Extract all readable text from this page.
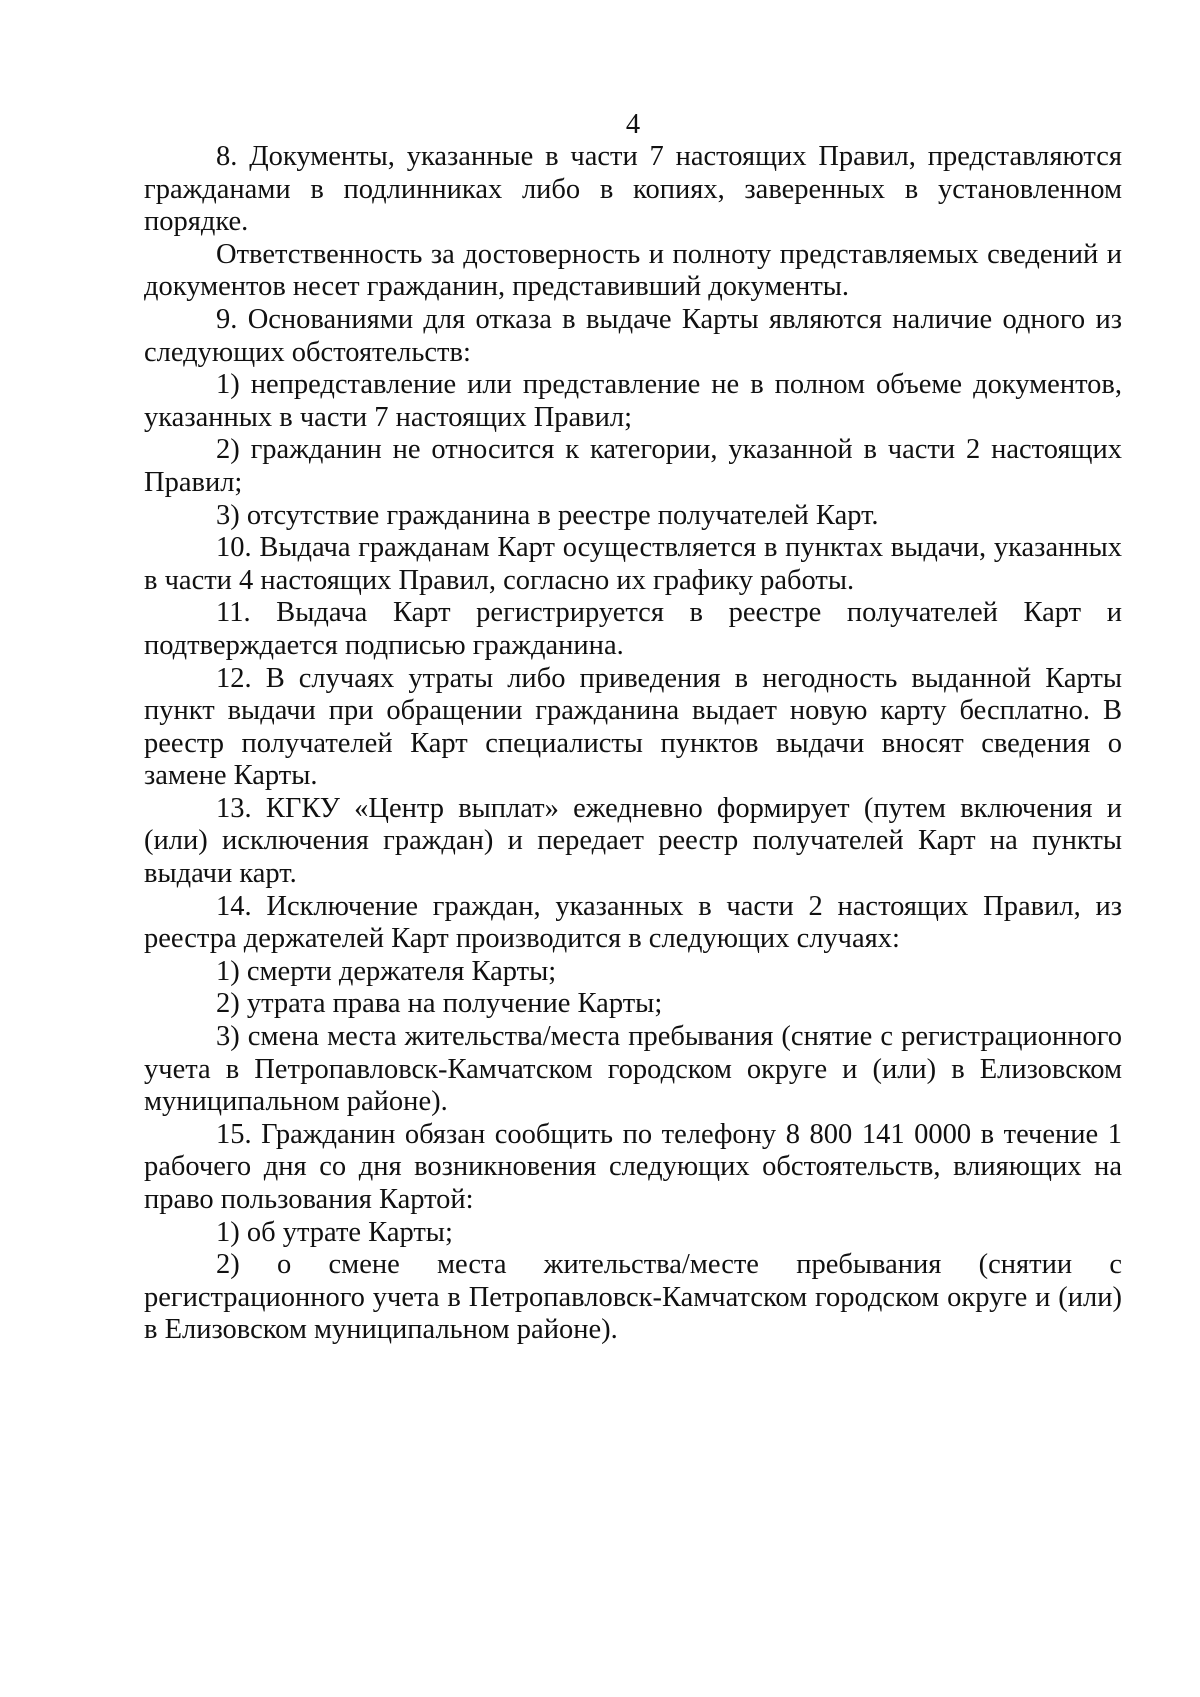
4

8. Документы, указанные в части 7 настоящих Правил, представляются гражданами в подлинниках либо в копиях, заверенных в установленном порядке.

Ответственность за достоверность и полноту представляемых сведений и документов несет гражданин, представивший документы.

9. Основаниями для отказа в выдаче Карты являются наличие одного из следующих обстоятельств:

1) непредставление или представление не в полном объеме документов, указанных в части 7 настоящих Правил;

2) гражданин не относится к категории, указанной в части 2 настоящих Правил;

3) отсутствие гражданина в реестре получателей Карт.

10. Выдача гражданам Карт осуществляется в пунктах выдачи, указанных в части 4 настоящих Правил, согласно их графику работы.

11. Выдача Карт регистрируется в реестре получателей Карт и подтверждается подписью гражданина.

12. В случаях утраты либо приведения в негодность выданной Карты пункт выдачи при обращении гражданина выдает новую карту бесплатно. В реестр получателей Карт специалисты пунктов выдачи вносят сведения о замене Карты.

13. КГКУ «Центр выплат» ежедневно формирует (путем включения и (или) исключения граждан) и передает реестр получателей Карт на пункты выдачи карт.

14. Исключение граждан, указанных в части 2 настоящих Правил, из реестра держателей Карт производится в следующих случаях:

1) смерти держателя Карты;

2) утрата права на получение Карты;

3) смена места жительства/места пребывания (снятие с регистрационного учета в Петропавловск-Камчатском городском округе и (или) в Елизовском муниципальном районе).

15. Гражданин обязан сообщить по телефону 8 800 141 0000 в течение 1 рабочего дня со дня возникновения следующих обстоятельств, влияющих на право пользования Картой:

1) об утрате Карты;

2) о смене места жительства/месте пребывания (снятии с регистрационного учета в Петропавловск-Камчатском городском округе и (или) в Елизовском муниципальном районе).
